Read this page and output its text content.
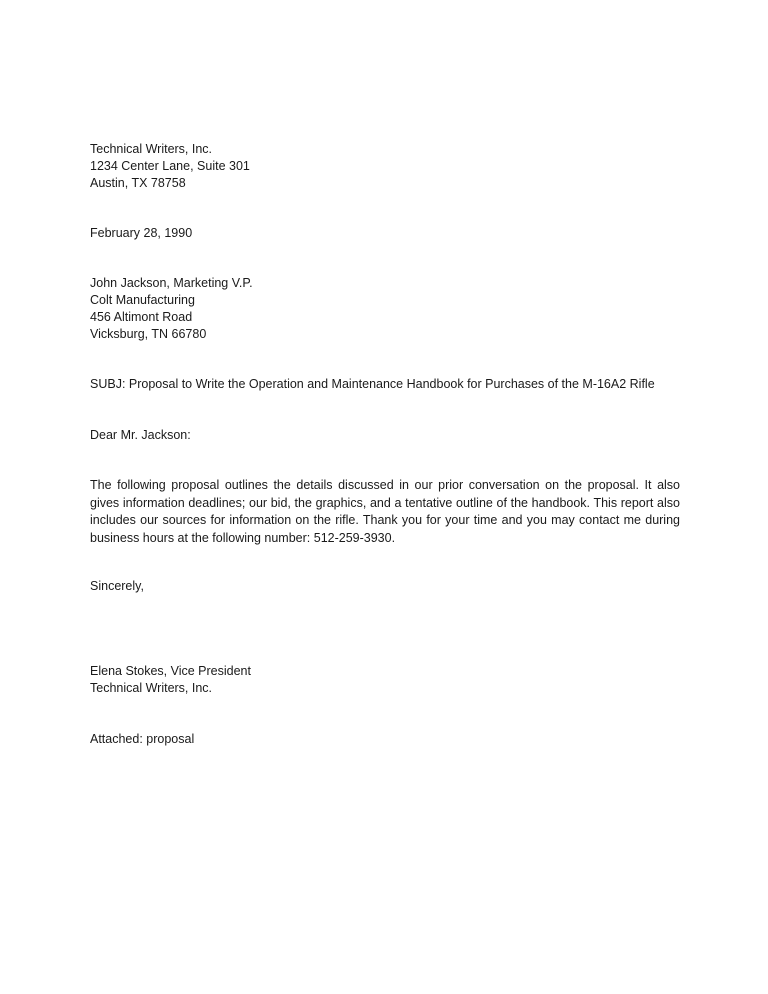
Technical Writers, Inc.
1234 Center Lane, Suite 301
Austin, TX 78758
February 28, 1990
John Jackson, Marketing V.P.
Colt Manufacturing
456 Altimont Road
Vicksburg, TN 66780
SUBJ: Proposal to Write the Operation and Maintenance Handbook for Purchases of the M-16A2 Rifle
Dear Mr. Jackson:
The following proposal outlines the details discussed in our prior conversation on the proposal. It also gives information deadlines; our bid, the graphics, and a tentative outline of the handbook. This report also includes our sources for information on the rifle. Thank you for your time and you may contact me during business hours at the following number: 512-259-3930.
Sincerely,
Elena Stokes, Vice President
Technical Writers, Inc.
Attached: proposal
